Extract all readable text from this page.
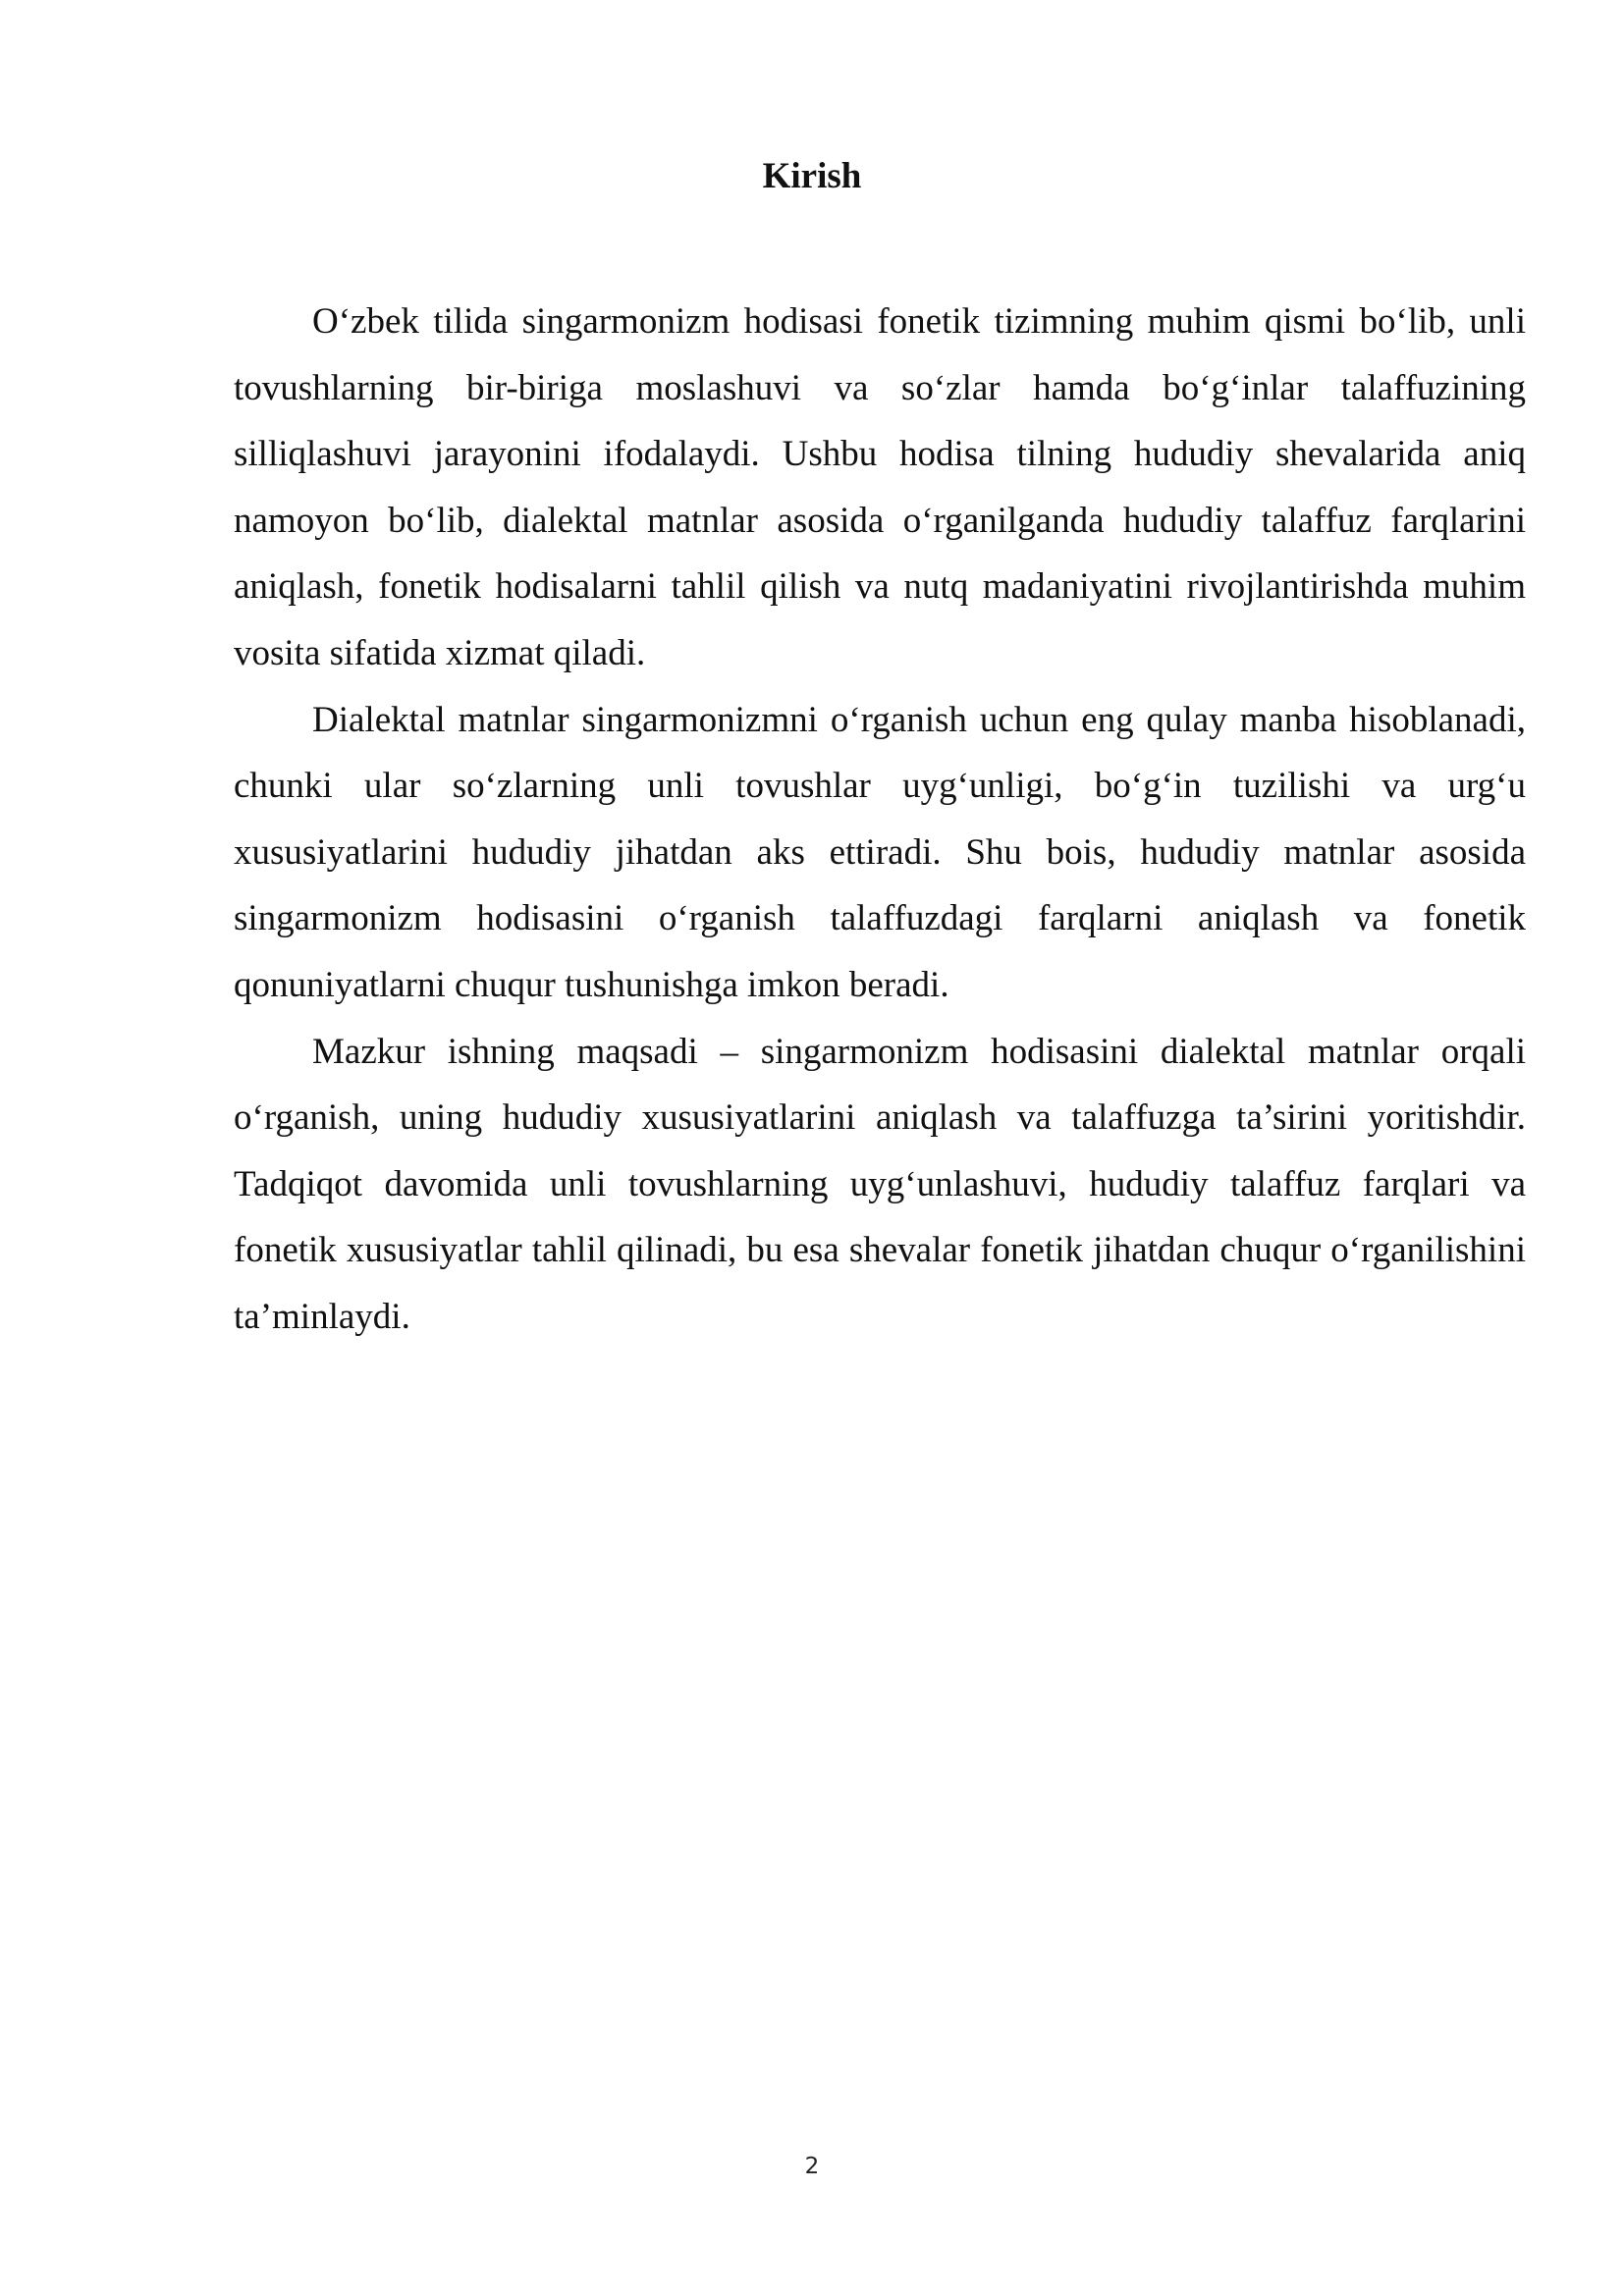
Kirish

O‘zbek tilida singarmonizm hodisasi fonetik tizimning muhim qismi bo‘lib, unli tovushlarning bir-biriga moslashuvi va so‘zlar hamda bo‘g‘inlar talaffuzining silliqlashuvi jarayonini ifodalaydi. Ushbu hodisa tilning hududiy shevalarida aniq namoyon bo‘lib, dialektal matnlar asosida o‘rganilganda hududiy talaffuz farqlarini aniqlash, fonetik hodisalarni tahlil qilish va nutq madaniyatini rivojlantirishda muhim vosita sifatida xizmat qiladi.

Dialektal matnlar singarmonizmni o‘rganish uchun eng qulay manba hisoblanadi, chunki ular so‘zlarning unli tovushlar uyg‘unligi, bo‘g‘in tuzilishi va urg‘u xususiyatlarini hududiy jihatdan aks ettiradi. Shu bois, hududiy matnlar asosida singarmonizm hodisasini o‘rganish talaffuzdagi farqlarni aniqlash va fonetik qonuniyatlarni chuqur tushunishga imkon beradi.

Mazkur ishning maqsadi – singarmonizm hodisasini dialektal matnlar orqali o‘rganish, uning hududiy xususiyatlarini aniqlash va talaffuzga ta’sirini yoritishdir. Tadqiqot davomida unli tovushlarning uyg‘unlashuvi, hududiy talaffuz farqlari va fonetik xususiyatlar tahlil qilinadi, bu esa shevalar fonetik jihatdan chuqur o‘rganilishini ta’minlaydi.

2
